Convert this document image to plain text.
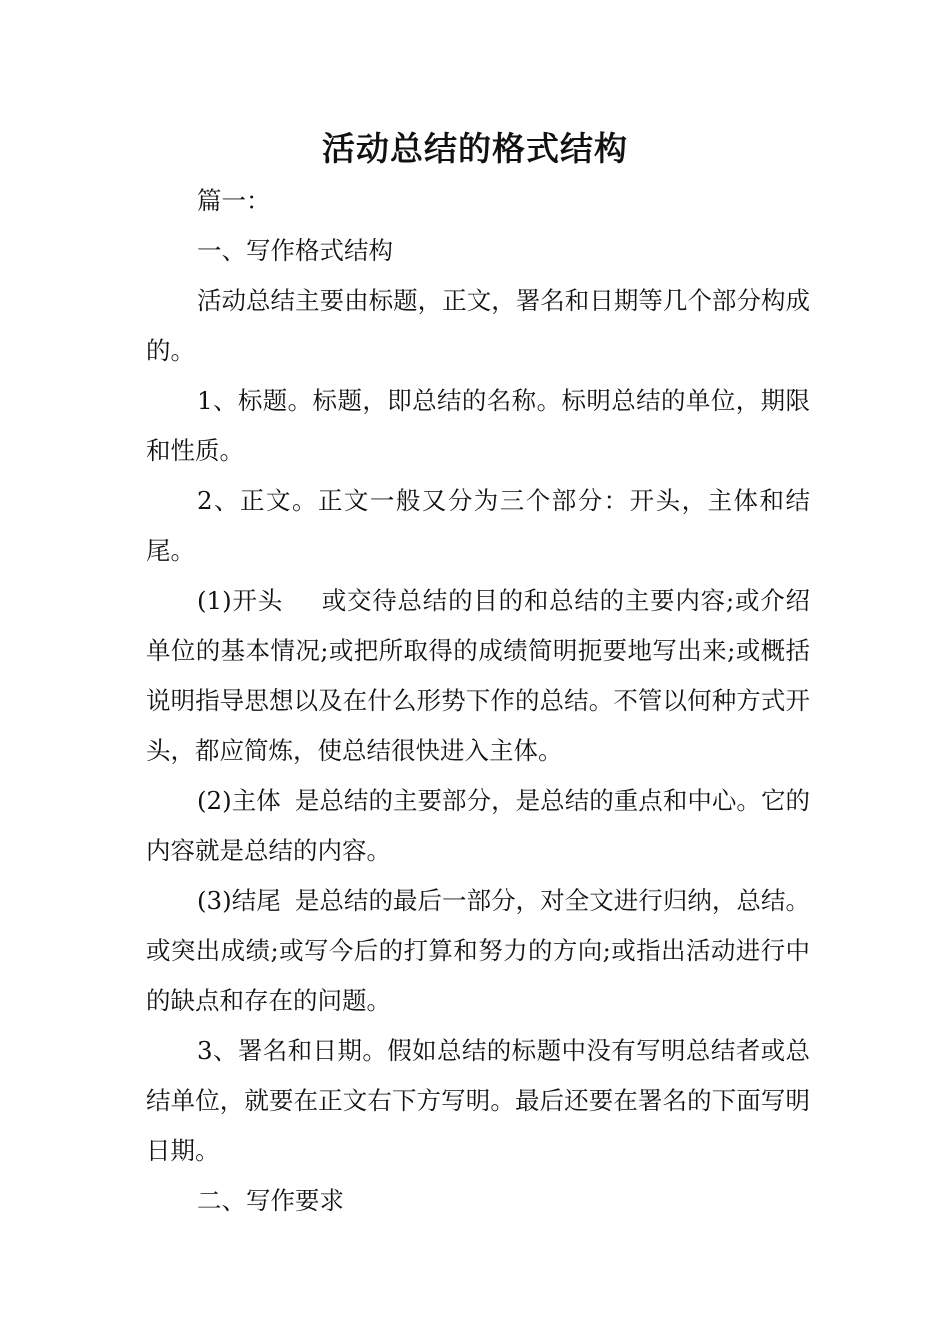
活动总结的格式结构

篇一：

一、写作格式结构

活动总结主要由标题，正文，署名和日期等几个部分构成的。

1、标题。标题，即总结的名称。标明总结的单位，期限和性质。

2、正文。正文一般又分为三个部分：开头，主体和结尾。

(1)开头 或交待总结的目的和总结的主要内容;或介绍单位的基本情况;或把所取得的成绩简明扼要地写出来;或概括说明指导思想以及在什么形势下作的总结。不管以何种方式开头，都应简炼，使总结很快进入主体。

(2)主体 是总结的主要部分，是总结的重点和中心。它的内容就是总结的内容。

(3)结尾 是总结的最后一部分，对全文进行归纳，总结。或突出成绩;或写今后的打算和努力的方向;或指出活动进行中的缺点和存在的问题。

3、署名和日期。假如总结的标题中没有写明总结者或总结单位，就要在正文右下方写明。最后还要在署名的下面写明日期。

二、写作要求
